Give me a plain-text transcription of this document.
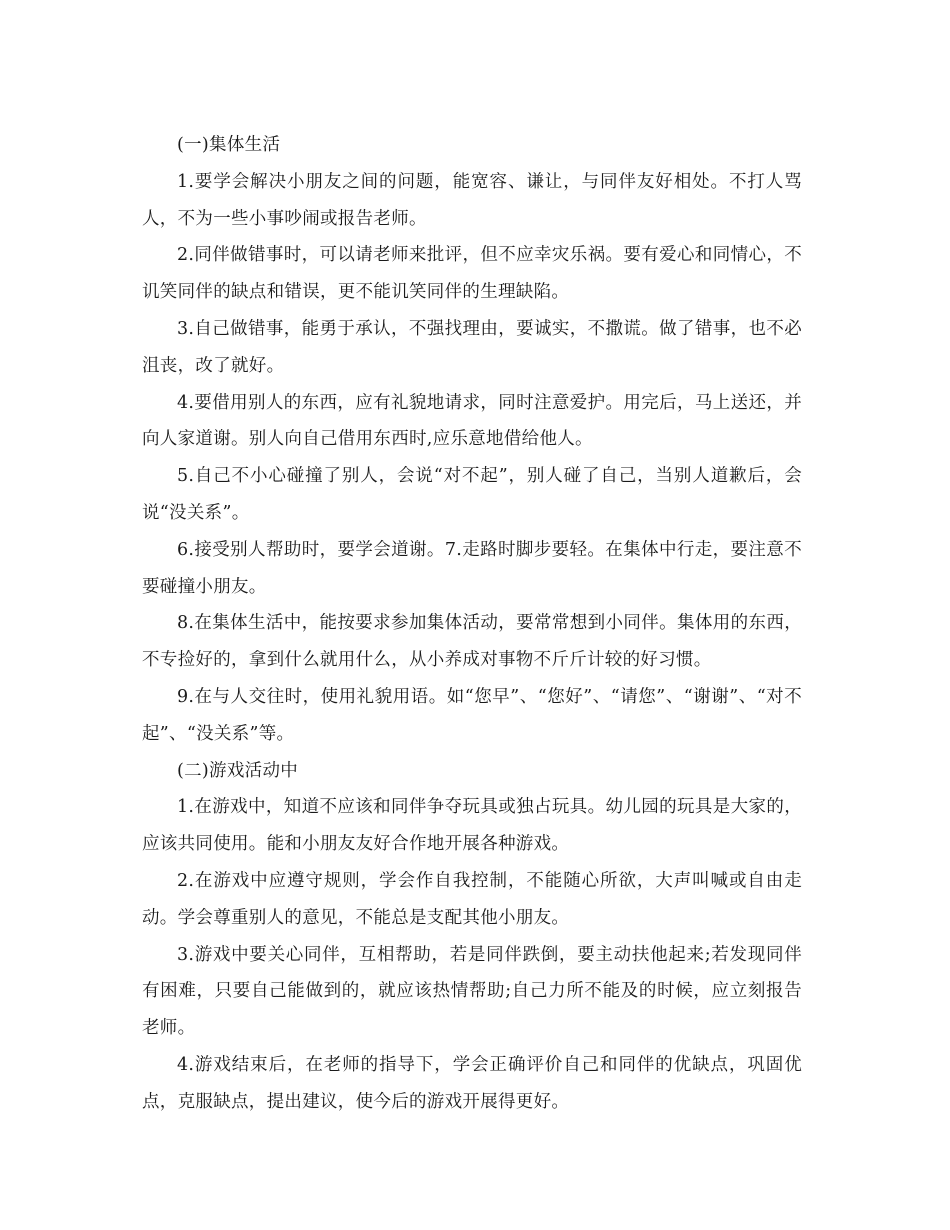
(一)集体生活

1.要学会解决小朋友之间的问题，能宽容、谦让，与同伴友好相处。不打人骂人，不为一些小事吵闹或报告老师。

2.同伴做错事时，可以请老师来批评，但不应幸灾乐祸。要有爱心和同情心，不讥笑同伴的缺点和错误，更不能讥笑同伴的生理缺陷。

3.自己做错事，能勇于承认，不强找理由，要诚实，不撒谎。做了错事，也不必沮丧，改了就好。

4.要借用别人的东西，应有礼貌地请求，同时注意爱护。用完后，马上送还，并向人家道谢。别人向自己借用东西时,应乐意地借给他人。

5.自己不小心碰撞了别人，会说“对不起”，别人碰了自己，当别人道歉后，会说“没关系”。

6.接受别人帮助时，要学会道谢。7.走路时脚步要轻。在集体中行走，要注意不要碰撞小朋友。

8.在集体生活中，能按要求参加集体活动，要常常想到小同伴。集体用的东西，不专捡好的，拿到什么就用什么，从小养成对事物不斤斤计较的好习惯。

9.在与人交往时，使用礼貌用语。如“您早”、“您好”、“请您”、“谢谢”、“对不起”、“没关系”等。

(二)游戏活动中

1.在游戏中，知道不应该和同伴争夺玩具或独占玩具。幼儿园的玩具是大家的，应该共同使用。能和小朋友友好合作地开展各种游戏。

2.在游戏中应遵守规则，学会作自我控制，不能随心所欲，大声叫喊或自由走动。学会尊重别人的意见，不能总是支配其他小朋友。

3.游戏中要关心同伴，互相帮助，若是同伴跌倒，要主动扶他起来;若发现同伴有困难，只要自己能做到的，就应该热情帮助;自己力所不能及的时候，应立刻报告老师。

4.游戏结束后，在老师的指导下，学会正确评价自己和同伴的优缺点，巩固优点，克服缺点，提出建议，使今后的游戏开展得更好。
